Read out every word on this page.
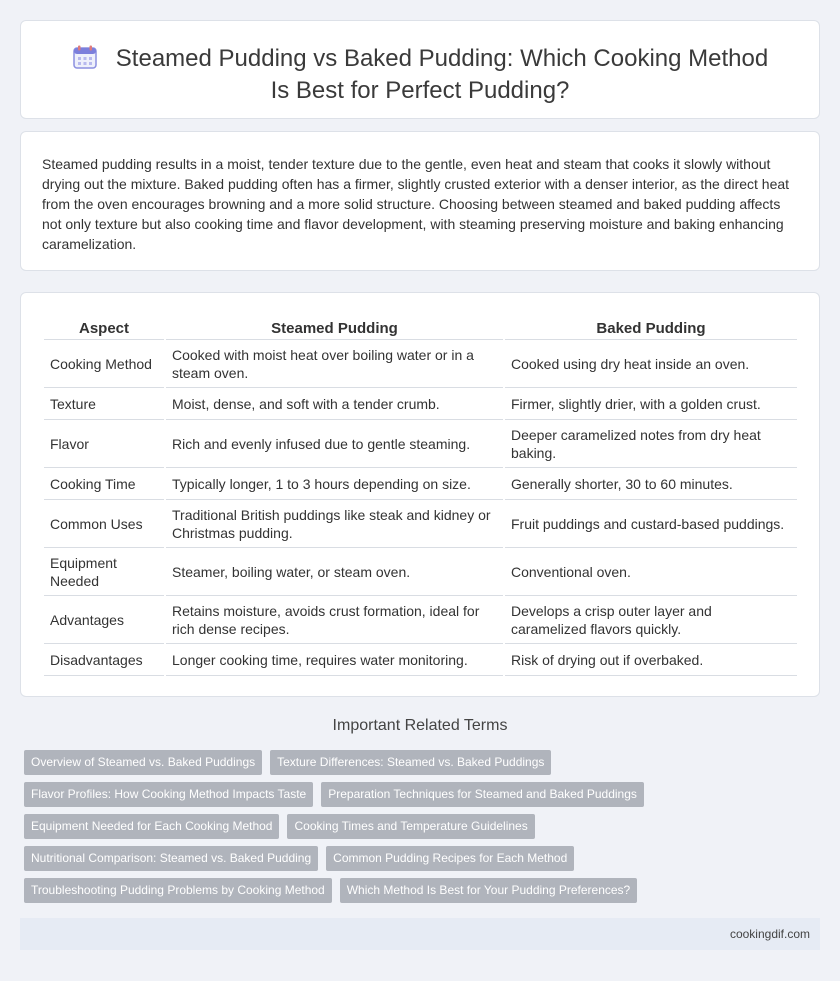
Steamed Pudding vs Baked Pudding: Which Cooking Method Is Best for Perfect Pudding?

Steamed pudding results in a moist, tender texture due to the gentle, even heat and steam that cooks it slowly without drying out the mixture. Baked pudding often has a firmer, slightly crusted exterior with a denser interior, as the direct heat from the oven encourages browning and a more solid structure. Choosing between steamed and baked pudding affects not only texture but also cooking time and flavor development, with steaming preserving moisture and baking enhancing caramelization.

Aspect	Steamed Pudding	Baked Pudding
Cooking Method	Cooked with moist heat over boiling water or in a steam oven.	Cooked using dry heat inside an oven.
Texture	Moist, dense, and soft with a tender crumb.	Firmer, slightly drier, with a golden crust.
Flavor	Rich and evenly infused due to gentle steaming.	Deeper caramelized notes from dry heat baking.
Cooking Time	Typically longer, 1 to 3 hours depending on size.	Generally shorter, 30 to 60 minutes.
Common Uses	Traditional British puddings like steak and kidney or Christmas pudding.	Fruit puddings and custard-based puddings.
Equipment Needed	Steamer, boiling water, or steam oven.	Conventional oven.
Advantages	Retains moisture, avoids crust formation, ideal for rich dense recipes.	Develops a crisp outer layer and caramelized flavors quickly.
Disadvantages	Longer cooking time, requires water monitoring.	Risk of drying out if overbaked.
Important Related Terms
Overview of Steamed vs. Baked Puddings	Texture Differences: Steamed vs. Baked Puddings
Flavor Profiles: How Cooking Method Impacts Taste	Preparation Techniques for Steamed and Baked Puddings
Equipment Needed for Each Cooking Method	Cooking Times and Temperature Guidelines
Nutritional Comparison: Steamed vs. Baked Pudding	Common Pudding Recipes for Each Method
Troubleshooting Pudding Problems by Cooking Method	Which Method Is Best for Your Pudding Preferences?
cookingdif.com
